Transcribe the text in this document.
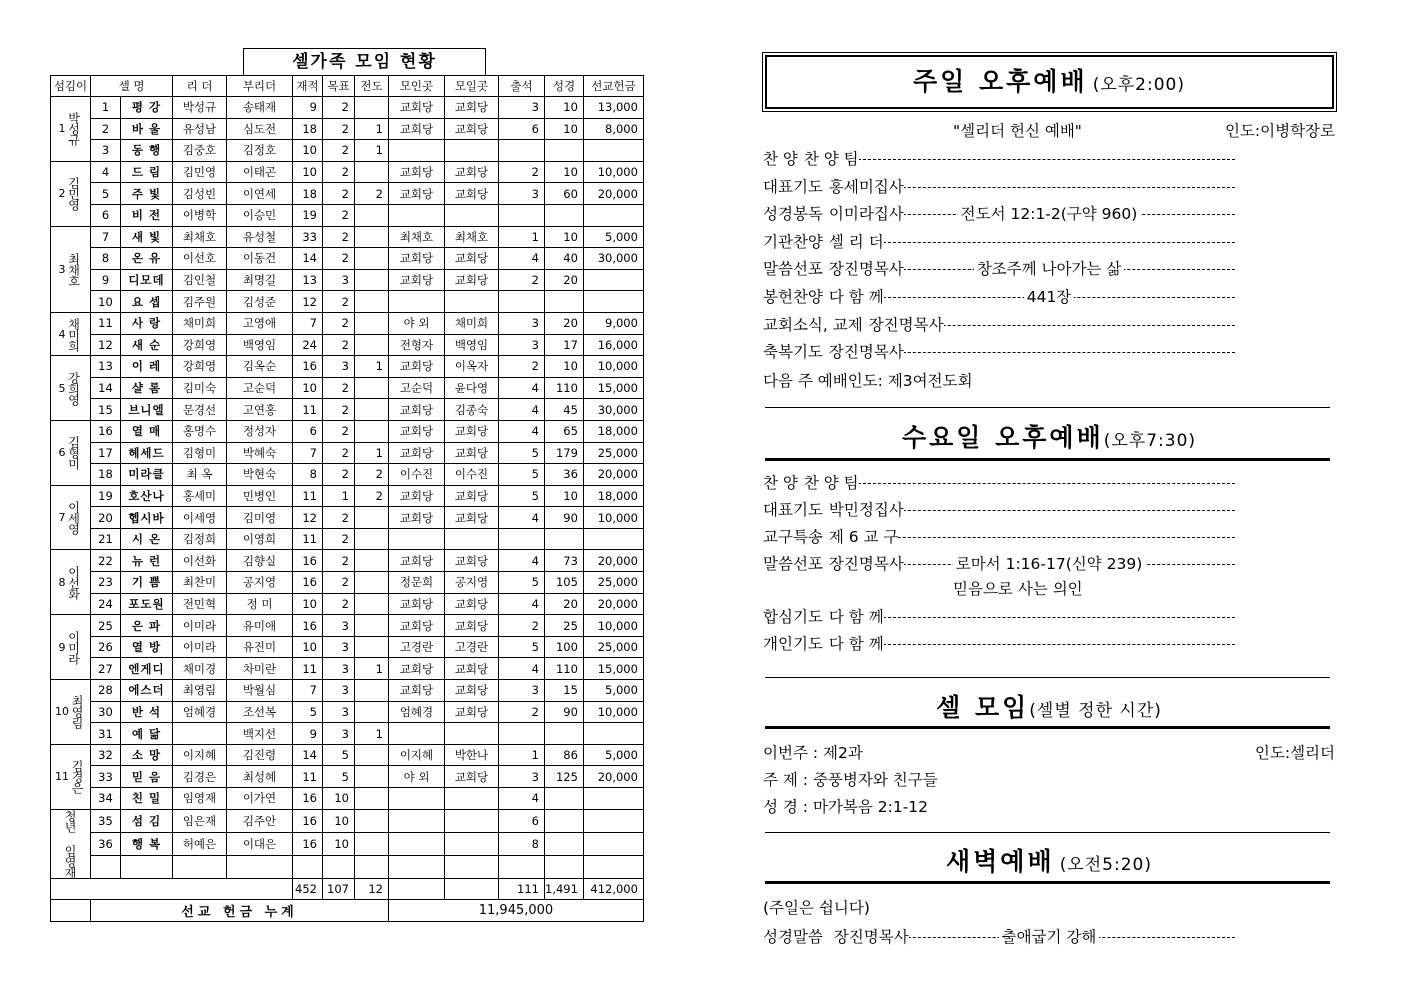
셀가족 모임 현황
섬김이	셀 명		리 더	부리더	재적	목표	전도	모인곳	모일곳	출석	성경	선교헌금

1 박성규	1	평 강	박성규	송태재	9	2		교회당	교회당	3	10	13,000
	2	바 울	유성남	심도전	18	2	1	교회당	교회당	6	10	8,000
	3	동 행	김중호	김정호	10	2	1					

2 김민영	4	드 림	김민영	이태곤	10	2		교회당	교회당	2	10	10,000
	5	주 빛	김성빈	이연세	18	2	2	교회당	교회당	3	60	20,000
	6	비 전	이병학	이승민	19	2						

3 최채호	7	새 빛	최채호	유성철	33	2		최채호	최채호	1	10	5,000
	8	온 유	이선호	이동건	14	2		교회당	교회당	4	40	30,000
	9	디모데	김인철	최명길	13	3		교회당	교회당	2	20	
	10	요 셉	김주원	김성준	12	2						

4 채미희	11	사 랑	채미희	고영애	7	2		야 외	채미희	3	20	9,000
	12	새 순	강희영	백영임	24	2		전형자	백영임	3	17	16,000

5 강희영	13	이 레	강희영	김옥순	16	3	1	교회당	이옥자	2	10	10,000
	14	샬 롬	김미숙	고순덕	10	2		고순덕	윤다영	4	110	15,000
	15	브니엘	문경선	고연홍	11	2		교회당	김종숙	4	45	30,000

6 김형미	16	열 매	홍명수	정성자	6	2		교회당	교회당	4	65	18,000
	17	헤세드	김형미	박혜숙	7	2	1	교회당	교회당	5	179	25,000
	18	미라클	최 옥	박현숙	8	2	2	이수진	이수진	5	36	20,000

7 이세영	19	호산나	홍세미	민병인	11	1	2	교회당	교회당	5	10	18,000
	20	헵시바	이세영	김미영	12	2		교회당	교회당	4	90	10,000
	21	시 온	김정희	이영희	11	2						

8 이선화	22	뉴 런	이선화	김향실	16	2		교회당	교회당	4	73	20,000
	23	기 쁨	최찬미	공지영	16	2		정문희	공지영	5	105	25,000
	24	포도원	전민혁	정 미	10	2		교회당	교회당	4	20	20,000

9 이미라	25	은 파	이미라	유미애	16	3		교회당	교회당	2	25	10,000
	26	열 방	이미라	유진미	10	3		고경란	고경란	5	100	25,000
	27	엔게디	채미경	차미란	11	3	1	교회당	교회당	4	110	15,000

10 최영림	28	에스더	최영림	박월심	7	3		교회당	교회당	3	15	5,000
	30	반 석	엄혜경	조선복	5	3		엄혜경	교회당	2	90	10,000
	31	예 닮		백지선	9	3	1					

11 김경은	32	소 망	이지혜	김진령	14	5		이지혜	박한나	1	86	5,000
	33	믿 음	김경은	최성혜	11	5		야 외	교회당	3	125	20,000
	34	친 밀	임영재	이가연	16	10				4		

청년 임영재	35	섬 김	임은재	김주안	16	10				6		
	36	행 복	허예은	이대은	16	10				8		

					452	107	12			111	1,491	412,000
	선교 헌금 누계							11,945,000				
주일 오후예배 (오후2:00)
"셀리더 헌신 예배"	인도:이병학장로
찬 양 찬 양 팀
대표기도 홍세미집사
성경봉독	전도서 12:1-2(구약 960)
이미라집사
기관찬양 셀 리 더
말씀선포	창조주께 나아가는 삶
장진명목사
봉헌찬양	441장
다 함 께
교회소식, 교제 장진명목사
축복기도 장진명목사
다음 주 예배인도: 제3여전도회
수요일 오후예배(오후7:30)
찬 양 찬 양 팀
대표기도 박민정집사
교구특송 제 6 교 구
말씀선포	로마서 1:16-17(신약 239)
장진명목사
합심기도 다 함 께
개인기도 다 함 께
믿음으로 사는 의인
셀 모임(셀별 정한 시간)
이번주 : 제2과	인도:셀리더
주 제 : 중풍병자와 친구들
성 경 : 마가복음 2:1-12
새벽예배 (오전5:20)
(주일은 쉽니다)
성경말씀	출애굽기 강해
장진명목사
